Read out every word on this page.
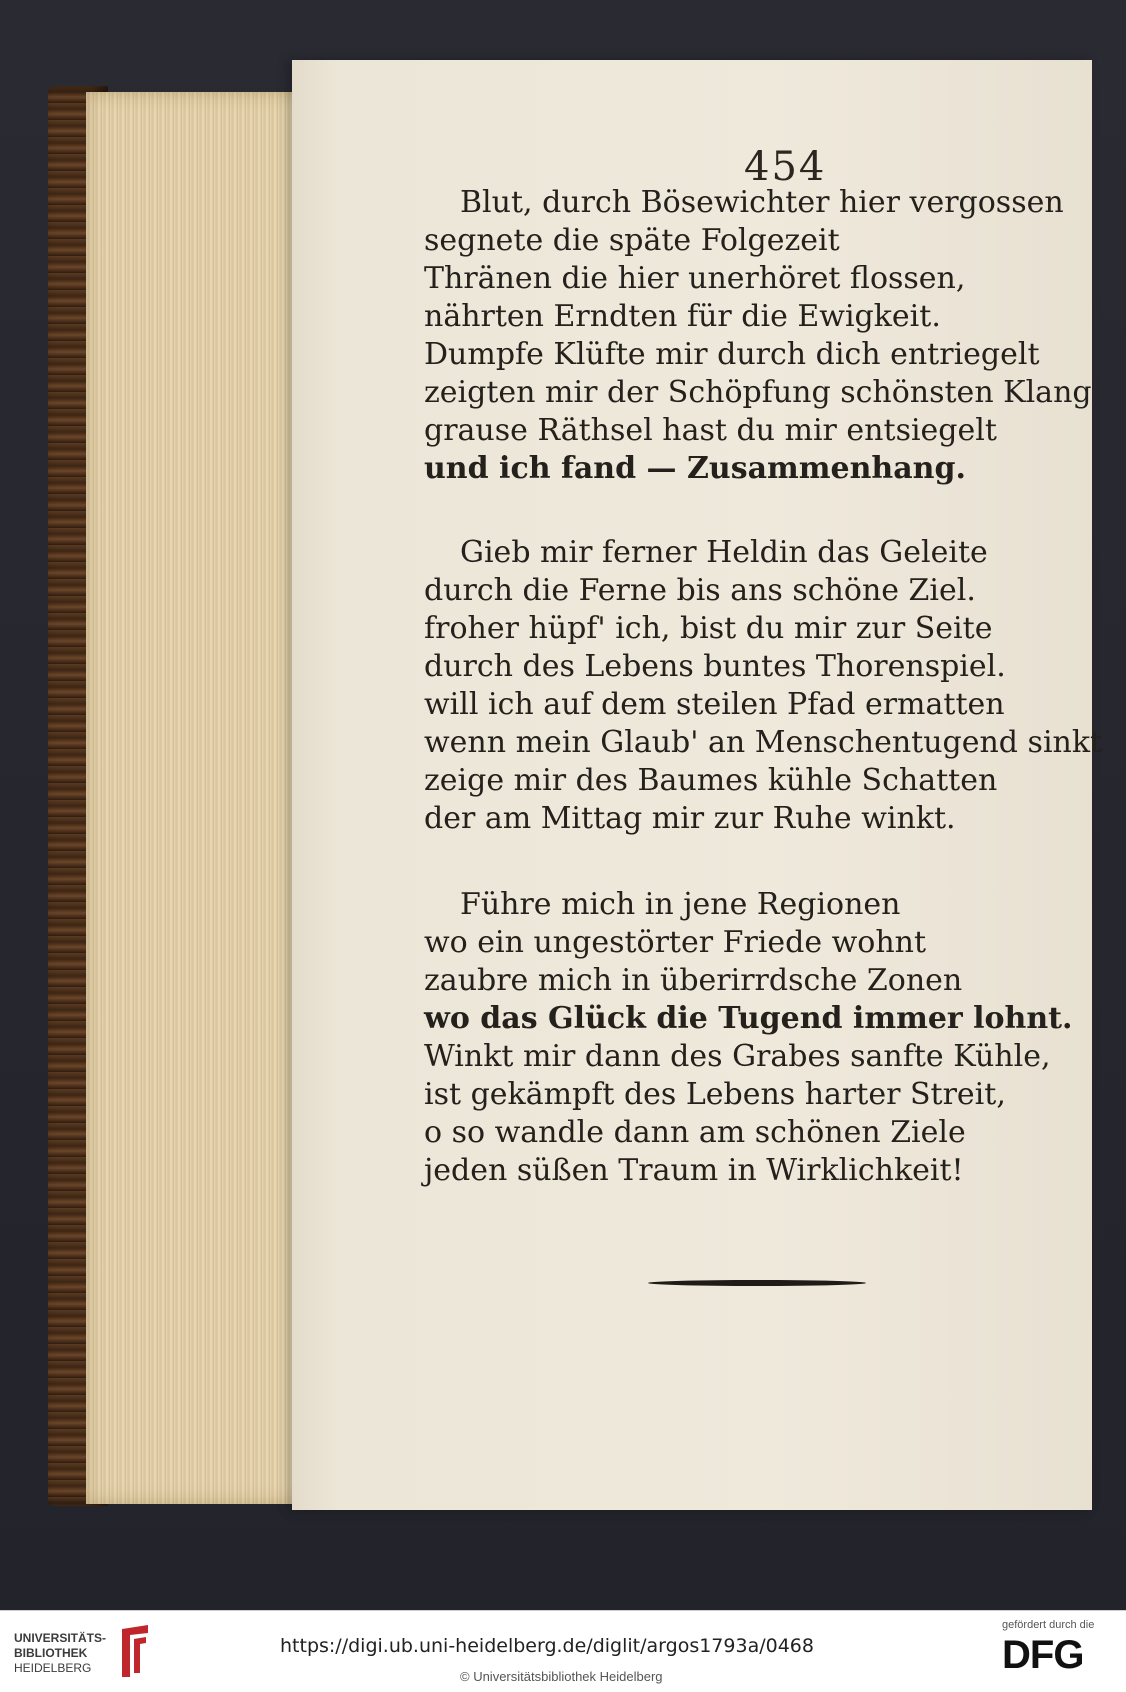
454
Blut, durch Bösewichter hier vergossen
segnete die späte Folgezeit
Thränen die hier unerhöret flossen,
nährten Erndten für die Ewigkeit.
Dumpfe Klüfte mir durch dich entriegelt
zeigten mir der Schöpfung schönsten Klang
grause Räthsel hast du mir entsiegelt
und ich fand — Zusammenhang.
Gieb mir ferner Heldin das Geleite
durch die Ferne bis ans schöne Ziel.
froher hüpf' ich, bist du mir zur Seite
durch des Lebens buntes Thorenspiel.
will ich auf dem steilen Pfad ermatten
wenn mein Glaub' an Menschentugend sinkt
zeige mir des Baumes kühle Schatten
der am Mittag mir zur Ruhe winkt.
Führe mich in jene Regionen
wo ein ungestörter Friede wohnt
zaubre mich in überirrdsche Zonen
wo das Glück die Tugend immer lohnt.
Winkt mir dann des Grabes sanfte Kühle,
ist gekämpft des Lebens harter Streit,
o so wandle dann am schönen Ziele
jeden süßen Traum in Wirklichkeit!
UNIVERSITÄTS-
BIBLIOTHEK
HEIDELBERG
https://digi.ub.uni-heidelberg.de/diglit/argos1793a/0468
© Universitätsbibliothek Heidelberg
gefördert durch die
DFG
